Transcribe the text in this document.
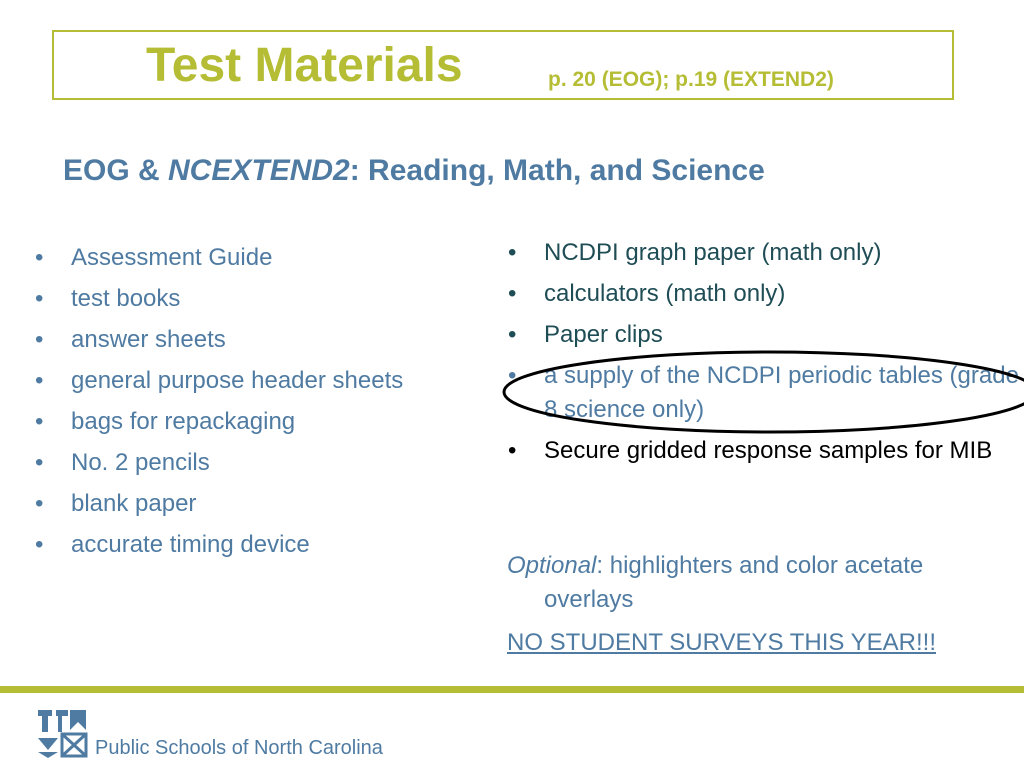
Test Materials	p. 20 (EOG); p.19 (EXTEND2)
EOG & NCEXTEND2: Reading, Math, and Science
• Assessment Guide
• test books
• answer sheets
• general purpose header sheets
• bags for repackaging
• No. 2 pencils
• blank paper
• accurate timing device
• NCDPI graph paper (math only)
• calculators (math only)
• Paper clips
• a supply of the NCDPI periodic tables (grade 8 science only)
• Secure gridded response samples for MIB
Optional: highlighters and color acetate
overlays
NO STUDENT SURVEYS THIS YEAR!!!
Public Schools of North Carolina
